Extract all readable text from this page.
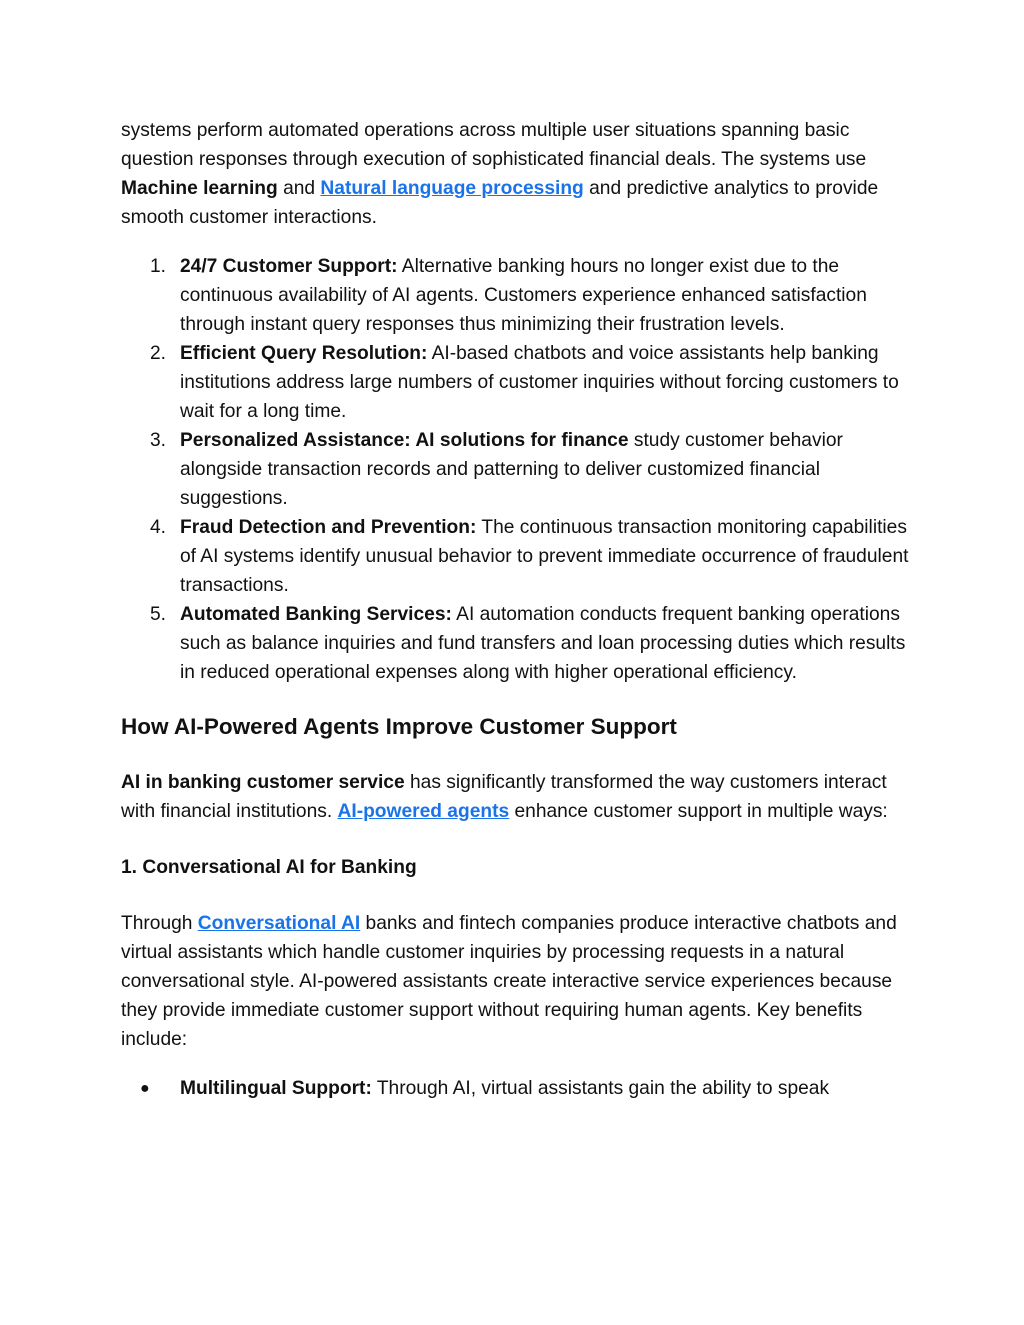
systems perform automated operations across multiple user situations spanning basic question responses through execution of sophisticated financial deals. The systems use Machine learning and Natural language processing and predictive analytics to provide smooth customer interactions.

1. 24/7 Customer Support: Alternative banking hours no longer exist due to the continuous availability of AI agents. Customers experience enhanced satisfaction through instant query responses thus minimizing their frustration levels.
2. Efficient Query Resolution: AI-based chatbots and voice assistants help banking institutions address large numbers of customer inquiries without forcing customers to wait for a long time.
3. Personalized Assistance: AI solutions for finance study customer behavior alongside transaction records and patterning to deliver customized financial suggestions.
4. Fraud Detection and Prevention: The continuous transaction monitoring capabilities of AI systems identify unusual behavior to prevent immediate occurrence of fraudulent transactions.
5. Automated Banking Services: AI automation conducts frequent banking operations such as balance inquiries and fund transfers and loan processing duties which results in reduced operational expenses along with higher operational efficiency.
How AI-Powered Agents Improve Customer Support

AI in banking customer service has significantly transformed the way customers interact with financial institutions. AI-powered agents enhance customer support in multiple ways:

1. Conversational AI for Banking

Through Conversational AI banks and fintech companies produce interactive chatbots and virtual assistants which handle customer inquiries by processing requests in a natural conversational style. AI-powered assistants create interactive service experiences because they provide immediate customer support without requiring human agents. Key benefits include:

● Multilingual Support: Through AI, virtual assistants gain the ability to speak
